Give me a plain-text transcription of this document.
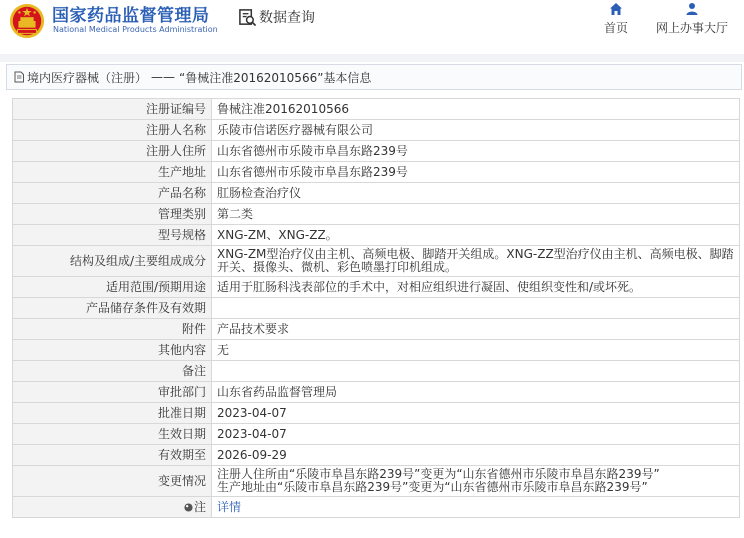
国家药品监督管理局
National Medical Products Administration
数据查询
首页	网上办事大厅
境内医疗器械（注册） —— “鲁械注准20162010566”基本信息
注册证编号	鲁械注准20162010566
注册人名称	乐陵市信诺医疗器械有限公司
注册人住所	山东省德州市乐陵市阜昌东路239号
生产地址	山东省德州市乐陵市阜昌东路239号
产品名称	肛肠检查治疗仪
管理类别	第二类
型号规格	XNG-ZM、XNG-ZZ。
结构及组成/主要组成成分	XNG-ZM型治疗仪由主机、高频电极、脚踏开关组成。XNG-ZZ型治疗仪由主机、高频电极、脚踏开关、摄像头、微机、彩色喷墨打印机组成。
适用范围/预期用途	适用于肛肠科浅表部位的手术中，对相应组织进行凝固、使组织变性和/或坏死。
产品储存条件及有效期	
附件	产品技术要求
其他内容	无
备注	
审批部门	山东省药品监督管理局
批准日期	2023-04-07
生效日期	2023-04-07
有效期至	2026-09-29
变更情况	注册人住所由“乐陵市阜昌东路239号”变更为“山东省德州市乐陵市阜昌东路239号”
生产地址由“乐陵市阜昌东路239号”变更为“山东省德州市乐陵市阜昌东路239号”
注	详情
